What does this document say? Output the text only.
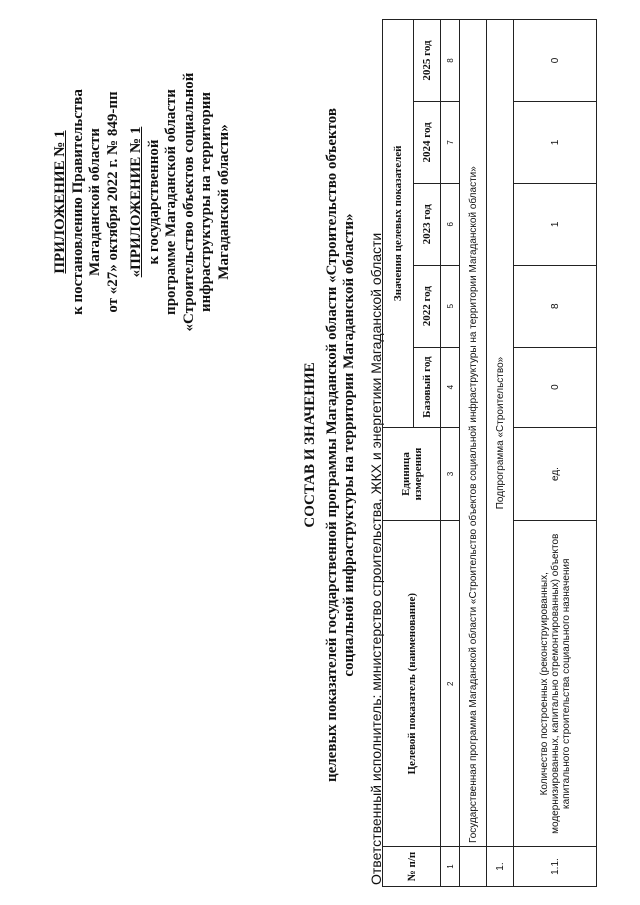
ПРИЛОЖЕНИЕ № 1 к постановлению Правительства Магаданской области от «27» октября 2022 г. № 849-пп «ПРИЛОЖЕНИЕ № 1 к государственной программе Магаданской области «Строительство объектов социальной инфраструктуры на территории Магаданской области»
СОСТАВ И ЗНАЧЕНИЕ целевых показателей государственной программы Магаданской области «Строительство объектов социальной инфраструктуры на территории Магаданской области» Ответственный исполнитель: министерство строительства, ЖКХ и энергетики Магаданской области № п/п	Целевой показатель (наименование)	Единица измерения	Значения целевых показателей				
			Базовый год	2022 год	2023 год	2024 год	2025 год
1	2	3	4	5	6	7	8
	Государственная программа Магаданской области «Строительство объектов социальной инфраструктуры на территории Магаданской области»						
1.	Подпрограмма «Строительство»						
1.1.	Количество построенных (реконструированных, модернизированных, капитально отремонтированных) объектов капитального строительства социального назначения	ед.	0	8	1	1	0
